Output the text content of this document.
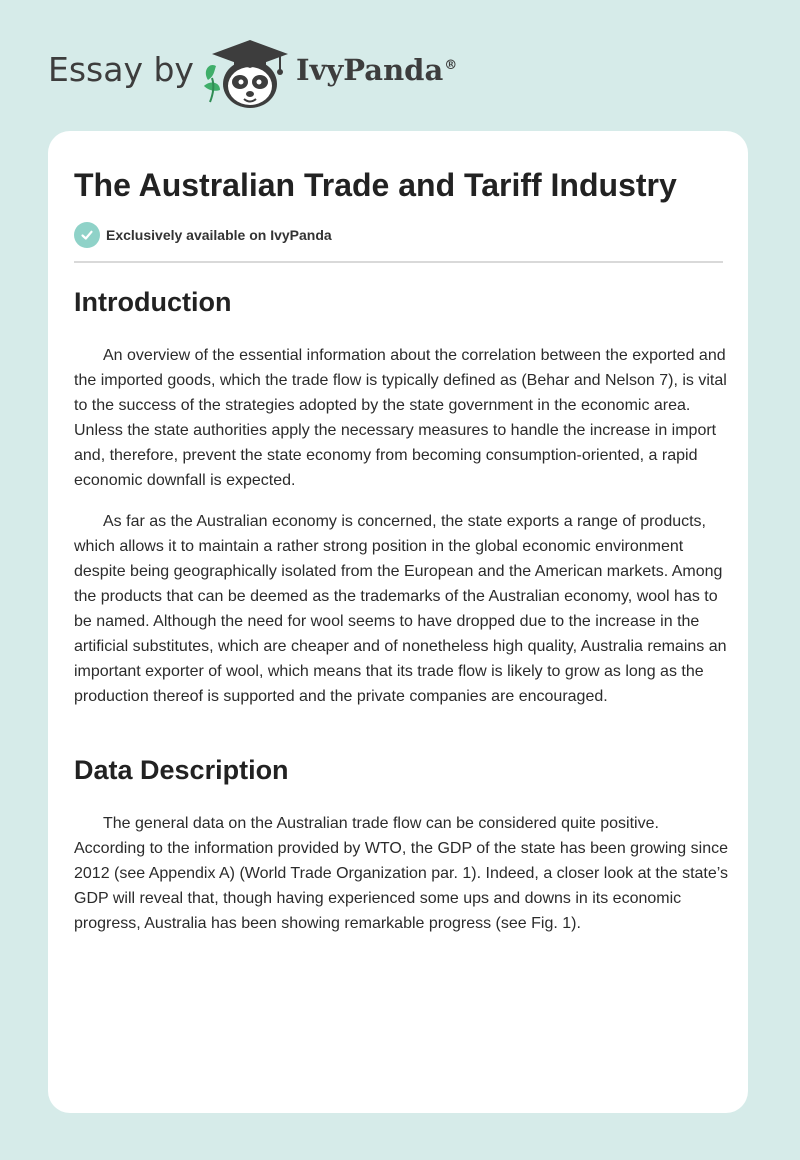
Essay by	IvyPanda®
The Australian Trade and Tariff Industry
Exclusively available on IvyPanda
Introduction

An overview of the essential information about the correlation between the exported and the imported goods, which the trade flow is typically defined as (Behar and Nelson 7), is vital to the success of the strategies adopted by the state government in the economic area. Unless the state authorities apply the necessary measures to handle the increase in import and, therefore, prevent the state economy from becoming consumption-oriented, a rapid economic downfall is expected.

As far as the Australian economy is concerned, the state exports a range of products, which allows it to maintain a rather strong position in the global economic environment despite being geographically isolated from the European and the American markets. Among the products that can be deemed as the trademarks of the Australian economy, wool has to be named. Although the need for wool seems to have dropped due to the increase in the artificial substitutes, which are cheaper and of nonetheless high quality, Australia remains an important exporter of wool, which means that its trade flow is likely to grow as long as the production thereof is supported and the private companies are encouraged.

Data Description

The general data on the Australian trade flow can be considered quite positive. According to the information provided by WTO, the GDP of the state has been growing since 2012 (see Appendix A) (World Trade Organization par. 1). Indeed, a closer look at the state’s GDP will reveal that, though having experienced some ups and downs in its economic progress, Australia has been showing remarkable progress (see Fig. 1).
